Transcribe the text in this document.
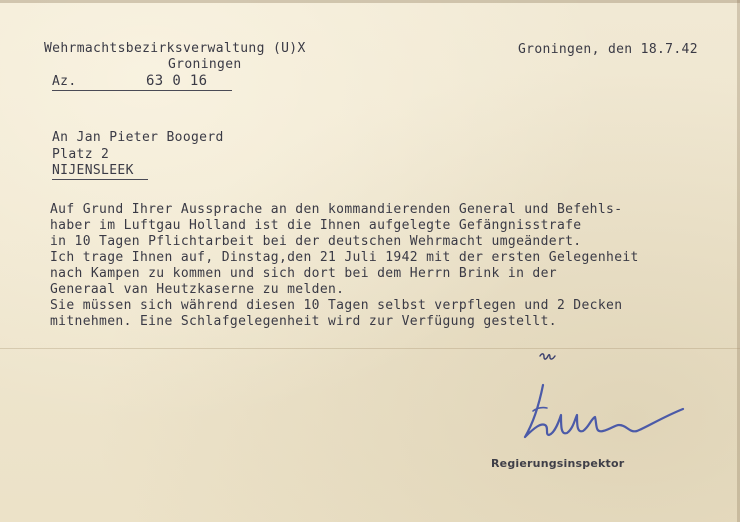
Wehrmachtsbezirksverwaltung (U)X
Groningen
Az.	63 0 16
Groningen, den 18.7.42
An Jan Pieter Boogerd
Platz 2
NIJENSLEEK
Auf Grund Ihrer Aussprache an den kommandierenden General und Befehls-
haber im Luftgau Holland ist die Ihnen aufgelegte Gefängnisstrafe
in 10 Tagen Pflichtarbeit bei der deutschen Wehrmacht umgeändert.
Ich trage Ihnen auf, Dinstag,den 21 Juli 1942 mit der ersten Gelegenheit
nach Kampen zu kommen und sich dort bei dem Herrn Brink in der
Generaal van Heutzkaserne zu melden.
Sie müssen sich während diesen 10 Tagen selbst verpflegen und 2 Decken
mitnehmen. Eine Schlafgelegenheit wird zur Verfügung gestellt.
Regierungsinspektor
